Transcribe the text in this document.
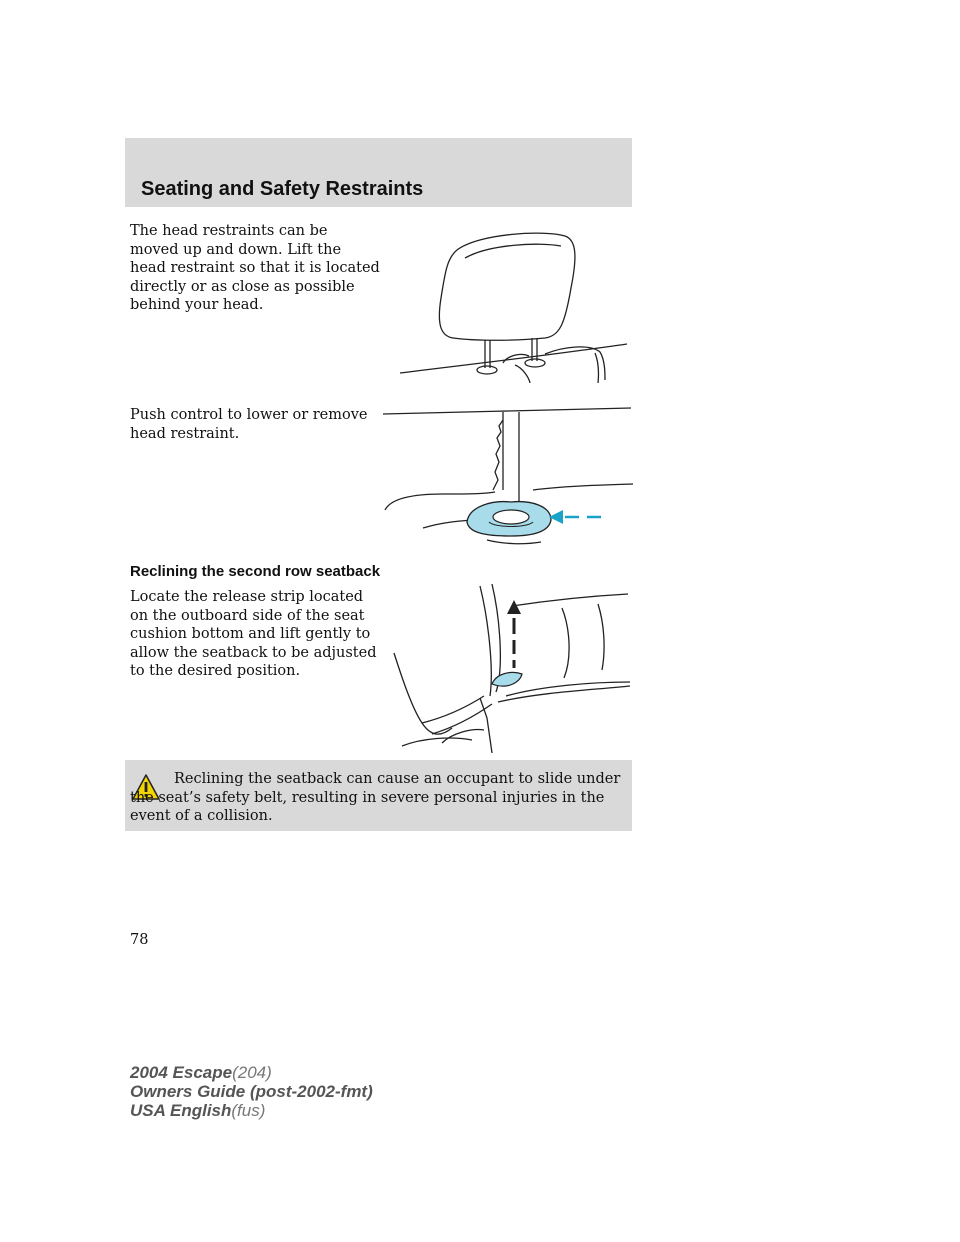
Seating and Safety Restraints

The head restraints can be moved up and down. Lift the head restraint so that it is located directly or as close as possible behind your head.

Push control to lower or remove head restraint.

Reclining the second row seatback

Locate the release strip located on the outboard side of the seat cushion bottom and lift gently to allow the seatback to be adjusted to the desired position.

Reclining the seatback can cause an occupant to slide under the seat’s safety belt, resulting in severe personal injuries in the event of a collision.

78

2004 Escape(204)

Owners Guide (post-2002-fmt)

USA English(fus)
